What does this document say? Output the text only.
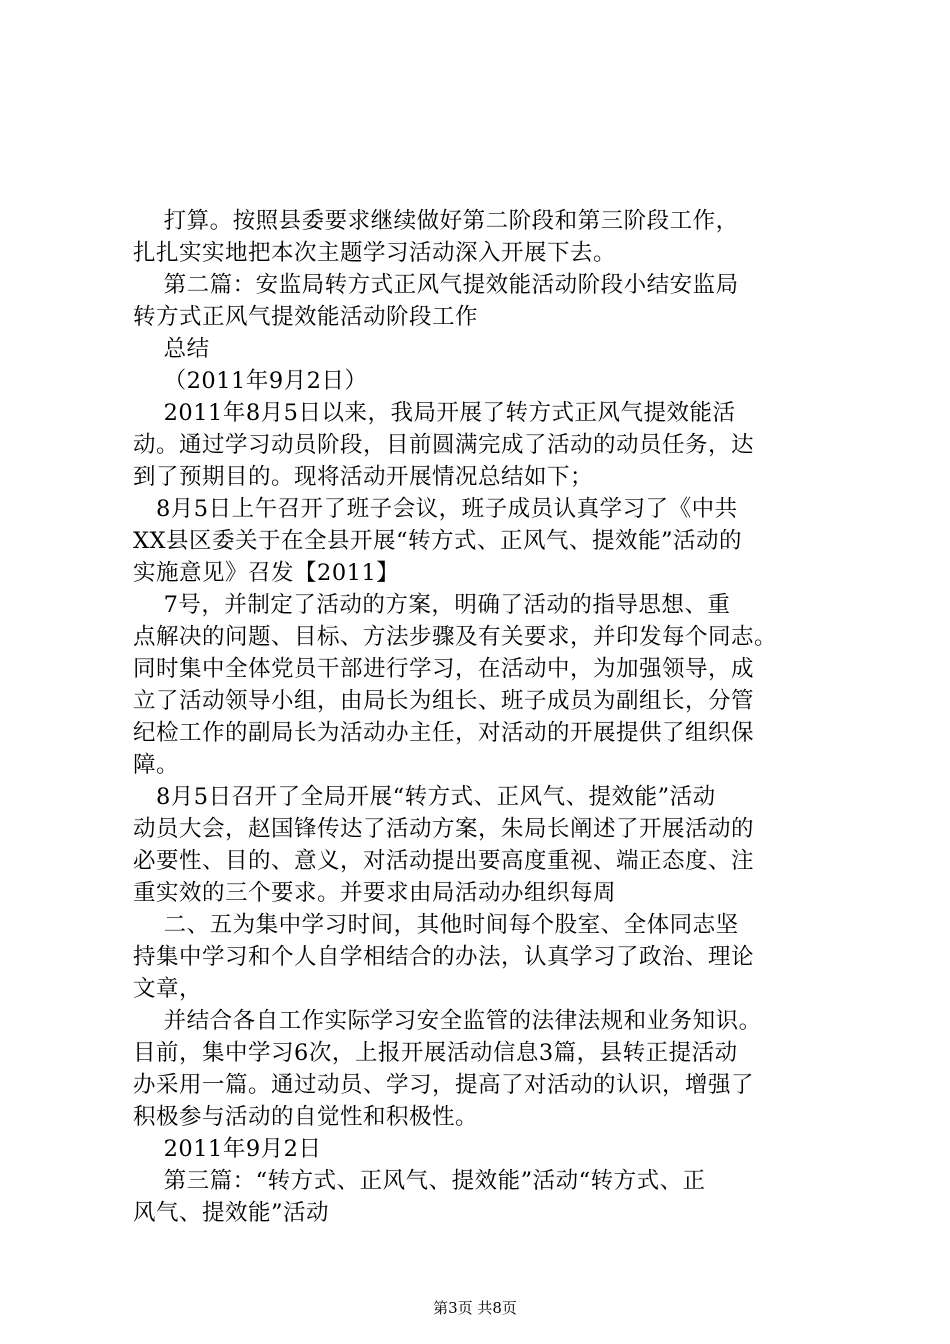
打算。按照县委要求继续做好第二阶段和第三阶段工作，
扎扎实实地把本次主题学习活动深入开展下去。
第二篇：安监局转方式正风气提效能活动阶段小结安监局
转方式正风气提效能活动阶段工作
总结
（2011年9月2日）
2011年8月5日以来，我局开展了转方式正风气提效能活
动。通过学习动员阶段，目前圆满完成了活动的动员任务，达
到了预期目的。现将活动开展情况总结如下；
8月5日上午召开了班子会议，班子成员认真学习了《中共
XX县区委关于在全县开展“转方式、正风气、提效能”活动的
实施意见》召发【2011】
7号，并制定了活动的方案，明确了活动的指导思想、重
点解决的问题、目标、方法步骤及有关要求，并印发每个同志。
同时集中全体党员干部进行学习，在活动中，为加强领导，成
立了活动领导小组，由局长为组长、班子成员为副组长，分管
纪检工作的副局长为活动办主任，对活动的开展提供了组织保
障。
8月5日召开了全局开展“转方式、正风气、提效能”活动
动员大会，赵国锋传达了活动方案，朱局长阐述了开展活动的
必要性、目的、意义，对活动提出要高度重视、端正态度、注
重实效的三个要求。并要求由局活动办组织每周
二、五为集中学习时间，其他时间每个股室、全体同志坚
持集中学习和个人自学相结合的办法，认真学习了政治、理论
文章，
并结合各自工作实际学习安全监管的法律法规和业务知识。
目前，集中学习6次，上报开展活动信息3篇，县转正提活动
办采用一篇。通过动员、学习，提高了对活动的认识，增强了
积极参与活动的自觉性和积极性。
2011年9月2日
第三篇：“转方式、正风气、提效能”活动“转方式、正
风气、提效能”活动
第3页 共8页
